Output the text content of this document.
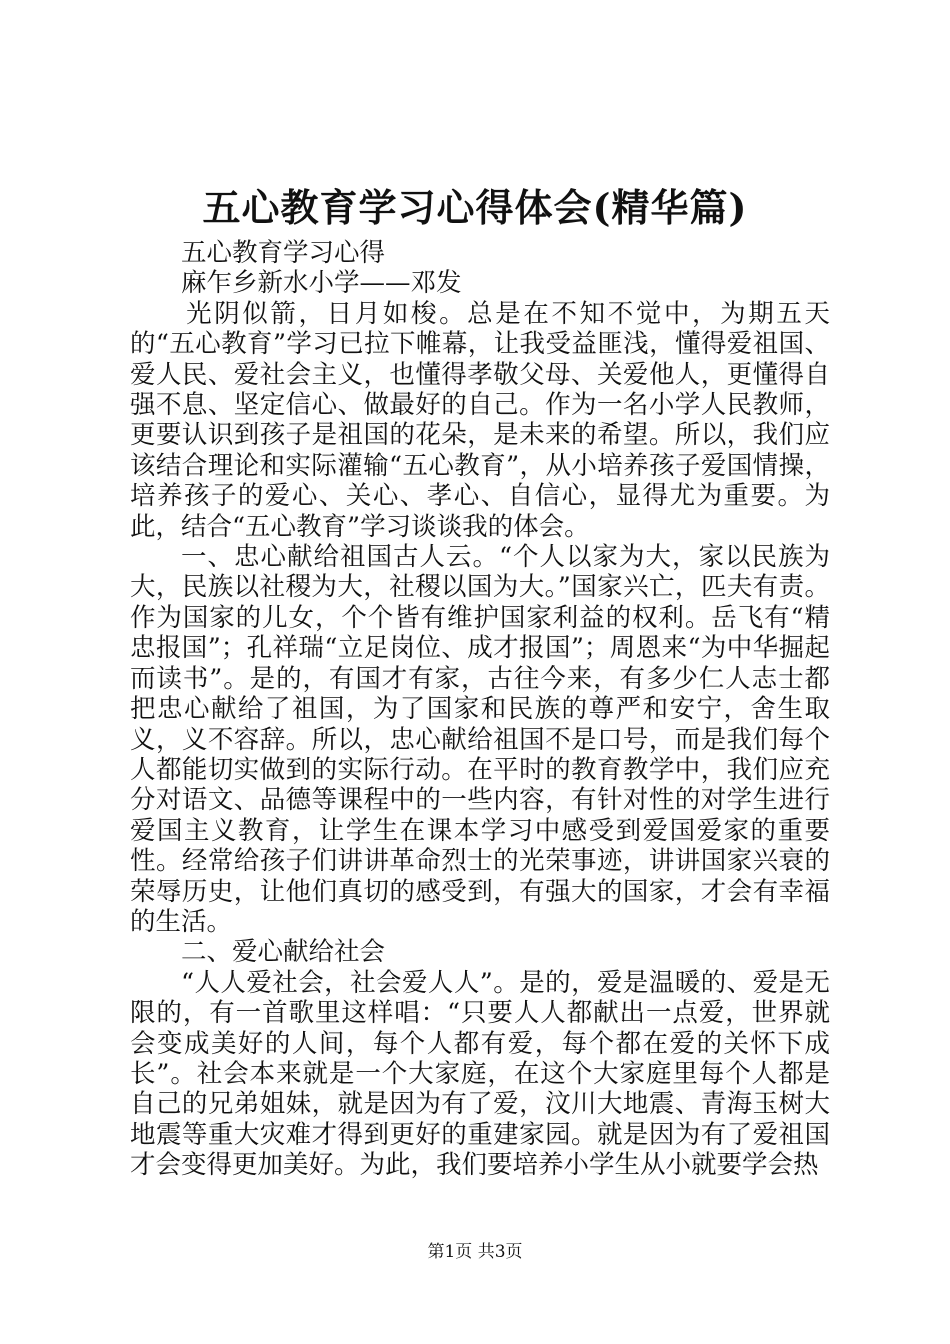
五心教育学习心得体会(精华篇)

五心教育学习心得

麻乍乡新水小学——邓发

光阴似箭，日月如梭。总是在不知不觉中，为期五天的“五心教育”学习已拉下帷幕，让我受益匪浅，懂得爱祖国、爱人民、爱社会主义，也懂得孝敬父母、关爱他人，更懂得自强不息、坚定信心、做最好的自己。作为一名小学人民教师，更要认识到孩子是祖国的花朵，是未来的希望。所以，我们应该结合理论和实际灌输“五心教育”，从小培养孩子爱国情操，培养孩子的爱心、关心、孝心、自信心，显得尤为重要。为此，结合“五心教育”学习谈谈我的体会。

一、忠心献给祖国古人云。“个人以家为大，家以民族为大，民族以社稷为大，社稷以国为大。”国家兴亡，匹夫有责。作为国家的儿女，个个皆有维护国家利益的权利。岳飞有“精忠报国”；孔祥瑞“立足岗位、成才报国”；周恩来“为中华掘起而读书”。是的，有国才有家，古往今来，有多少仁人志士都把忠心献给了祖国，为了国家和民族的尊严和安宁，舍生取义，义不容辞。所以，忠心献给祖国不是口号，而是我们每个人都能切实做到的实际行动。在平时的教育教学中，我们应充分对语文、品德等课程中的一些内容，有针对性的对学生进行爱国主义教育，让学生在课本学习中感受到爱国爱家的重要性。经常给孩子们讲讲革命烈士的光荣事迹，讲讲国家兴衰的荣辱历史，让他们真切的感受到，有强大的国家，才会有幸福的生活。

二、爱心献给社会

“人人爱社会，社会爱人人”。是的，爱是温暖的、爱是无限的，有一首歌里这样唱：“只要人人都献出一点爱，世界就会变成美好的人间，每个人都有爱，每个都在爱的关怀下成长”。社会本来就是一个大家庭，在这个大家庭里每个人都是自己的兄弟姐妹，就是因为有了爱，汶川大地震、青海玉树大地震等重大灾难才得到更好的重建家园。就是因为有了爱祖国才会变得更加美好。为此，我们要培养小学生从小就要学会热

第1页 共3页
